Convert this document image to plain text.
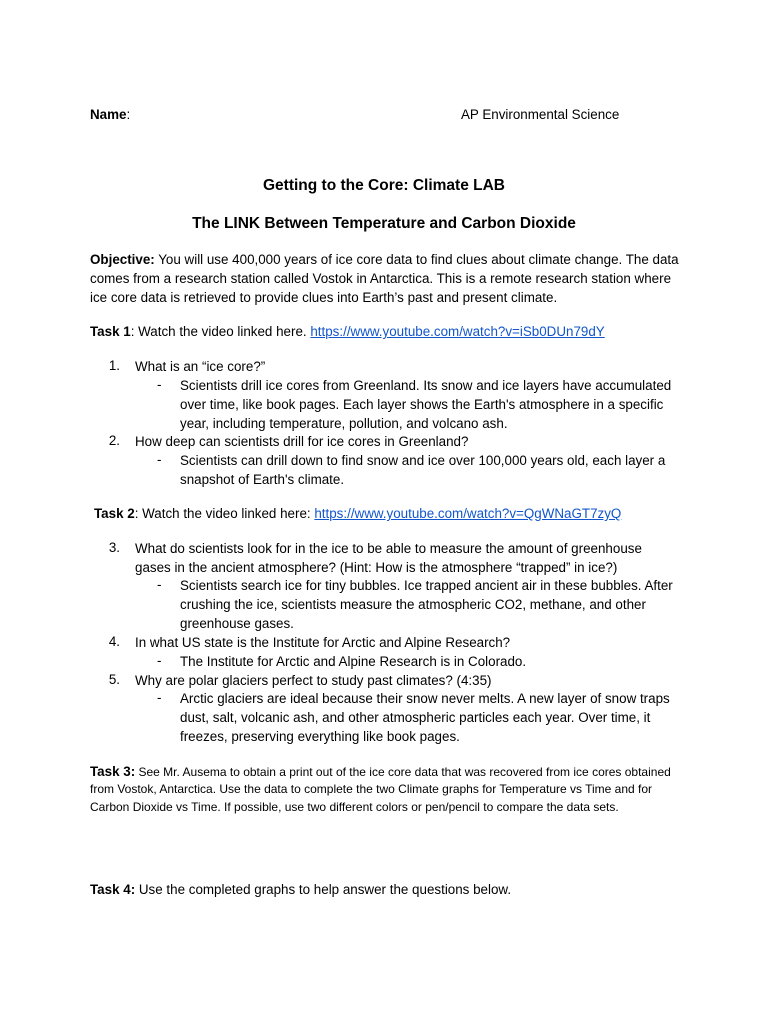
Name:	AP Environmental Science
Getting to the Core: Climate LAB
The LINK Between Temperature and Carbon Dioxide
Objective: You will use 400,000 years of ice core data to find clues about climate change. The data comes from a research station called Vostok in Antarctica. This is a remote research station where ice core data is retrieved to provide clues into Earth’s past and present climate.
Task 1: Watch the video linked here. https://www.youtube.com/watch?v=iSb0DUn79dY
1. What is an “ice core?”
- Scientists drill ice cores from Greenland. Its snow and ice layers have accumulated over time, like book pages. Each layer shows the Earth's atmosphere in a specific year, including temperature, pollution, and volcano ash.
2. How deep can scientists drill for ice cores in Greenland?
- Scientists can drill down to find snow and ice over 100,000 years old, each layer a snapshot of Earth's climate.
Task 2: Watch the video linked here: https://www.youtube.com/watch?v=QgWNaGT7zyQ
3. What do scientists look for in the ice to be able to measure the amount of greenhouse gases in the ancient atmosphere? (Hint: How is the atmosphere “trapped” in ice?)
- Scientists search ice for tiny bubbles. Ice trapped ancient air in these bubbles. After crushing the ice, scientists measure the atmospheric CO2, methane, and other greenhouse gases.
4. In what US state is the Institute for Arctic and Alpine Research?
- The Institute for Arctic and Alpine Research is in Colorado.
5. Why are polar glaciers perfect to study past climates? (4:35)
- Arctic glaciers are ideal because their snow never melts. A new layer of snow traps dust, salt, volcanic ash, and other atmospheric particles each year. Over time, it freezes, preserving everything like book pages.
Task 3: See Mr. Ausema to obtain a print out of the ice core data that was recovered from ice cores obtained from Vostok, Antarctica. Use the data to complete the two Climate graphs for Temperature vs Time and for Carbon Dioxide vs Time. If possible, use two different colors or pen/pencil to compare the data sets.
Task 4: Use the completed graphs to help answer the questions below.
